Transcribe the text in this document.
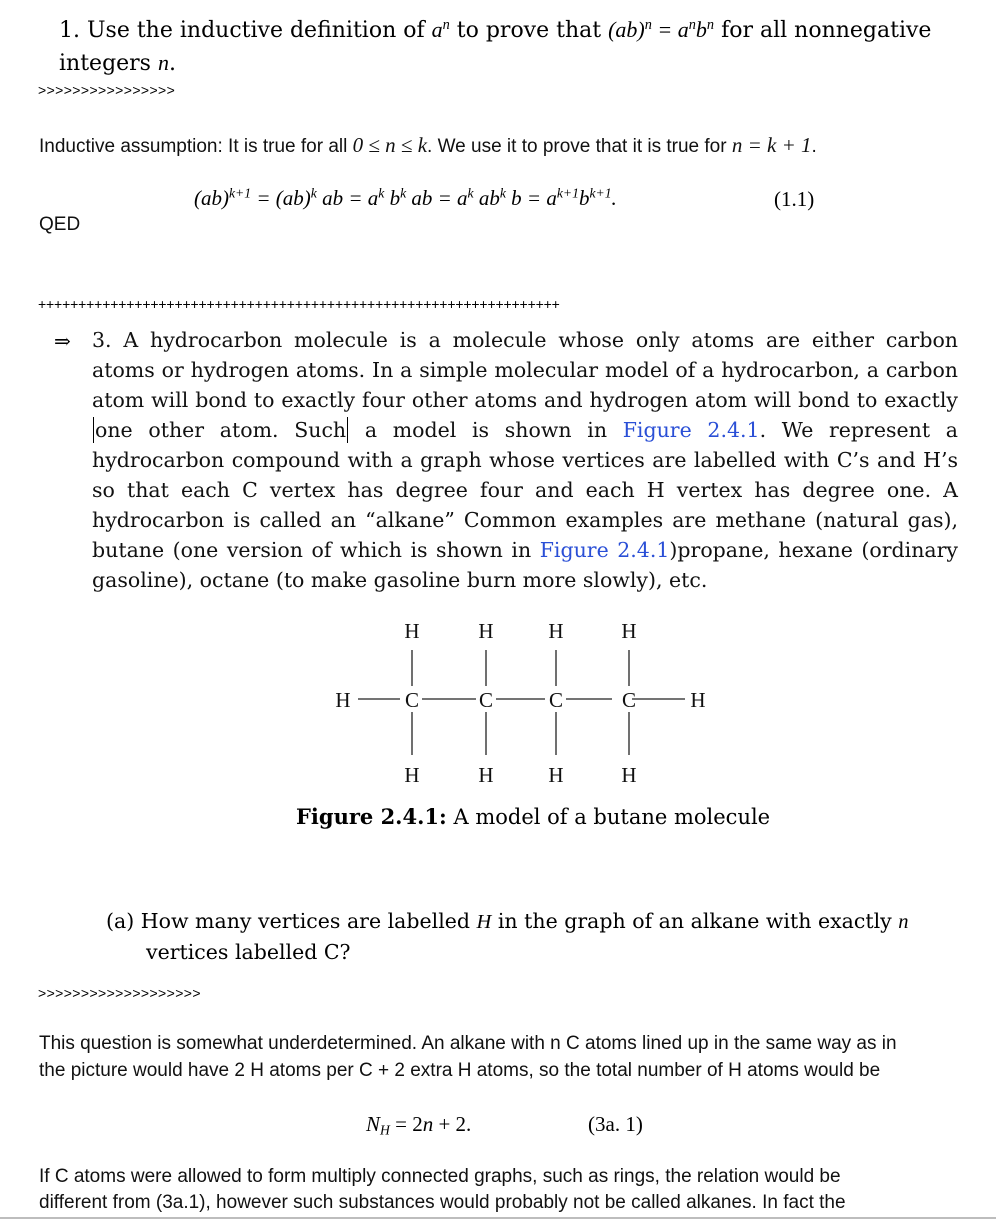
1. Use the inductive definition of $a^n$ to prove that $(ab)^n = a^nb^n$ for all nonnegative
integers n.
>>>>>>>>>>>>>>>>
Inductive assumption: It is true for all 0 ≤ n ≤ k. We use it to prove that it is true for n = k + 1.
(ab)$^{k+1}$ = (ab)$^k$ ab = $a^k$ $b^k$ ab = $a^k$ $ab^k$ $b = a^{k+1}b^{k+1}$.	(1.1)
QED
+++++++++++++++++++++++++++++++++++++++++++++++++++++++++++++++++
⇒ 3. A hydrocarbon molecule is a molecule whose only atoms are either carbon atoms or hydrogen atoms. In a simple molecular model of a hydrocarbon, a carbon atom will bond to exactly four other atoms and hydrogen atom will bond to exactly one other atom. Such a model is shown in Figure 2.4.1. We represent a hydrocarbon compound with a graph whose vertices are labelled with C’s and H’s so that each C vertex has degree four and each H vertex has degree one. A hydrocarbon is called an “alkane” Common examples are methane (natural gas), butane (one version of which is shown in Figure 2.4.1)propane, hexane (ordinary gasoline), octane (to make gasoline burn more slowly), etc.
H	H	H	H
H	C	C	C	C	H
H	H	H	H
Figure 2.4.1: A model of a butane molecule
(a) How many vertices are labelled H in the graph of an alkane with exactly n
vertices labelled C?
>>>>>>>>>>>>>>>>>>>
This question is somewhat underdetermined. An alkane with n C atoms lined up in the same way as in
the picture would have 2 H atoms per C + 2 extra H atoms, so the total number of H atoms would be
$N_H = 2n + 2$.	(3a. 1)
If C atoms were allowed to form multiply connected graphs, such as rings, the relation would be
different from (3a.1), however such substances would probably not be called alkanes. In fact the
